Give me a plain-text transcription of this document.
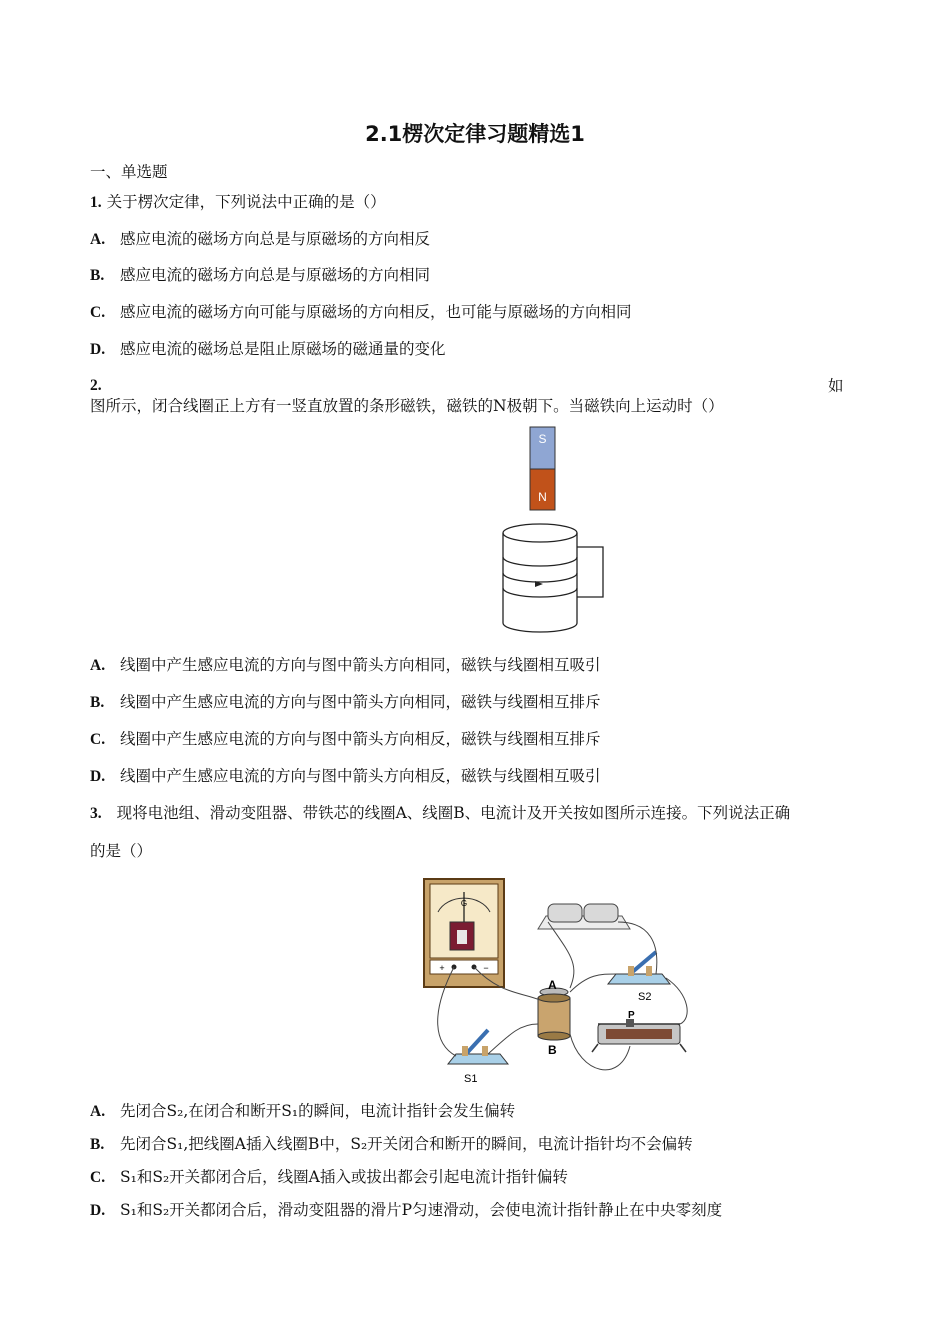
2.1楞次定律习题精选1
一、单选题
1. 关于楞次定律，下列说法中正确的是（）
A. 感应电流的磁场方向总是与原磁场的方向相反
B. 感应电流的磁场方向总是与原磁场的方向相同
C. 感应电流的磁场方向可能与原磁场的方向相反，也可能与原磁场的方向相同
D. 感应电流的磁场总是阻止原磁场的磁通量的变化
2.	如
图所示，闭合线圈正上方有一竖直放置的条形磁铁，磁铁的N极朝下。当磁铁向上运动时（）
S
N
A. 线圈中产生感应电流的方向与图中箭头方向相同，磁铁与线圈相互吸引
B. 线圈中产生感应电流的方向与图中箭头方向相同，磁铁与线圈相互排斥
C. 线圈中产生感应电流的方向与图中箭头方向相反，磁铁与线圈相互排斥
D. 线圈中产生感应电流的方向与图中箭头方向相反，磁铁与线圈相互吸引
3. 现将电池组、滑动变阻器、带铁芯的线圈A、线圈B、电流计及开关按如图所示连接。下列说法正确
的是（）
G
+	−
S2
A
B
P
S1
A. 先闭合S₂,在闭合和断开S₁的瞬间，电流计指针会发生偏转
B. 先闭合S₁,把线圈A插入线圈B中，S₂开关闭合和断开的瞬间，电流计指针均不会偏转
C. S₁和S₂开关都闭合后，线圈A插入或拔出都会引起电流计指针偏转
D. S₁和S₂开关都闭合后，滑动变阻器的滑片P匀速滑动，会使电流计指针静止在中央零刻度
